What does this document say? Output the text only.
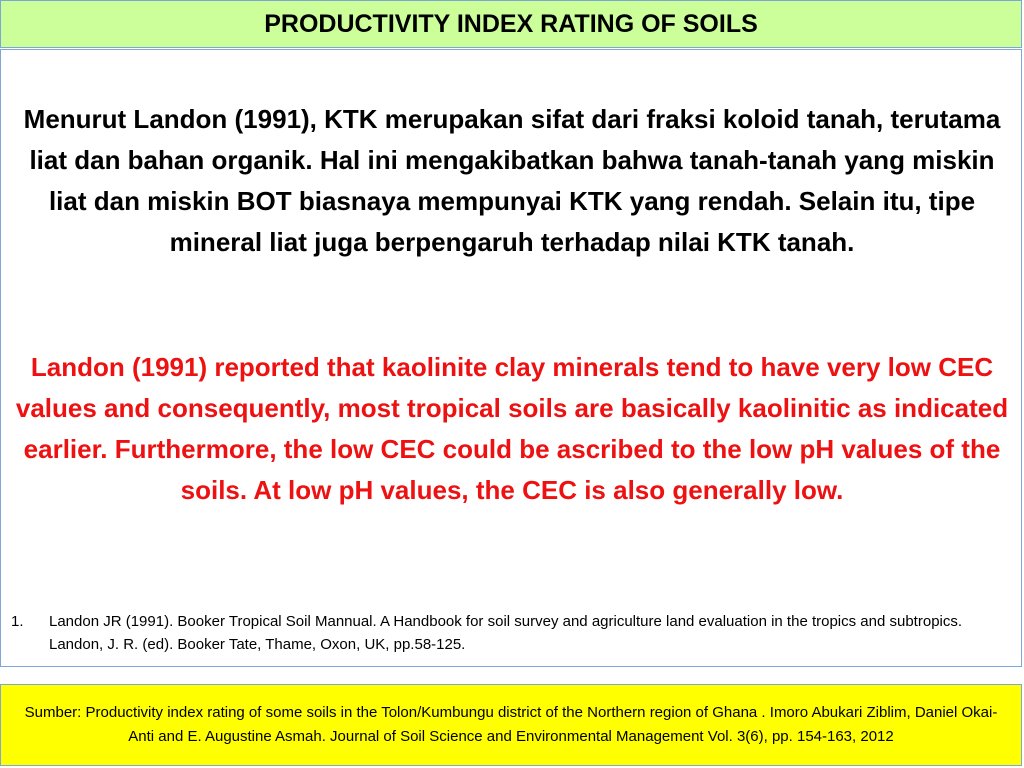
PRODUCTIVITY INDEX RATING OF SOILS
Menurut Landon (1991), KTK merupakan sifat dari fraksi koloid tanah, terutama liat dan bahan organik. Hal ini mengakibatkan bahwa tanah-tanah yang miskin liat dan miskin BOT biasnaya mempunyai KTK yang rendah. Selain itu, tipe mineral liat juga berpengaruh terhadap nilai KTK tanah.
Landon (1991) reported that kaolinite clay minerals tend to have very low CEC values and consequently, most tropical soils are basically kaolinitic as indicated earlier. Furthermore, the low CEC could be ascribed to the low pH values of the soils. At low pH values, the CEC is also generally low.
1.	Landon JR (1991). Booker Tropical Soil Mannual. A Handbook for soil survey and agriculture land evaluation in the tropics and subtropics. Landon, J. R. (ed). Booker Tate, Thame, Oxon, UK, pp.58-125.
Sumber: Productivity index rating of some soils in the Tolon/Kumbungu district of the Northern region of Ghana . Imoro Abukari Ziblim, Daniel Okai-Anti and E. Augustine Asmah. Journal of Soil Science and Environmental Management Vol. 3(6), pp. 154-163, 2012
